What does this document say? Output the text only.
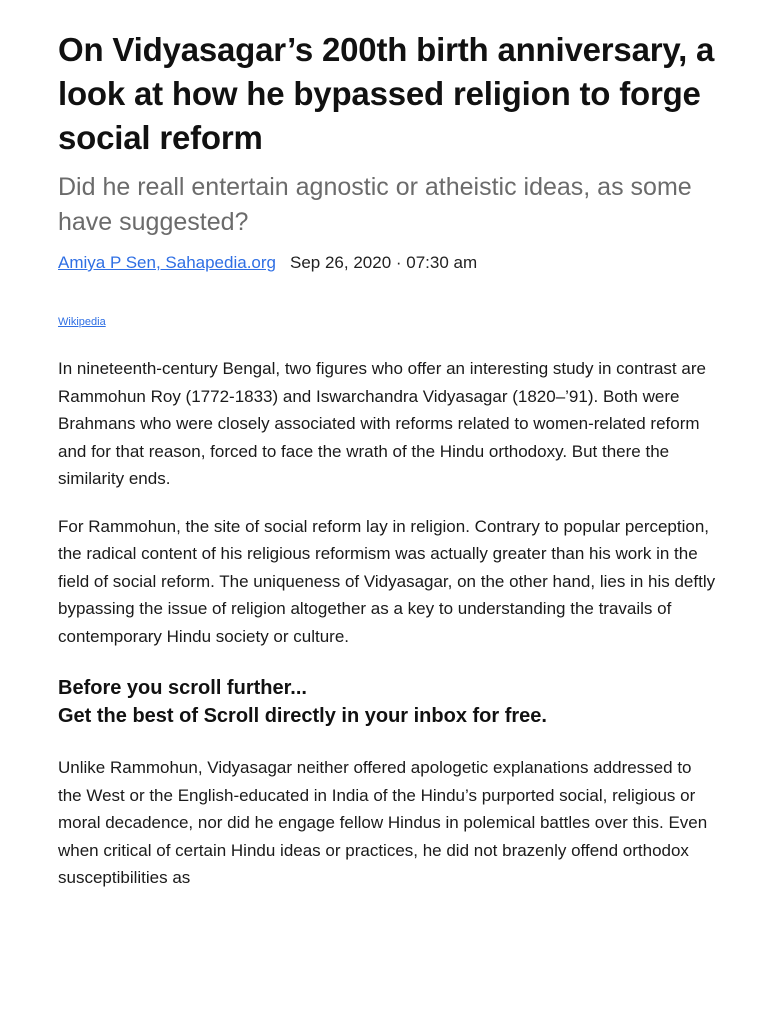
On Vidyasagar’s 200th birth anniversary, a look at how he bypassed religion to forge social reform

Did he reall entertain agnostic or atheistic ideas, as some have suggested?

Amiya P Sen, Sahapedia.org Sep 26, 2020 · 07:30 am
Wikipedia

In nineteenth-century Bengal, two figures who offer an interesting study in contrast are Rammohun Roy (1772-1833) and Iswarchandra Vidyasagar (1820–’91). Both were Brahmans who were closely associated with reforms related to women-related reform and for that reason, forced to face the wrath of the Hindu orthodoxy. But there the similarity ends.

For Rammohun, the site of social reform lay in religion. Contrary to popular perception, the radical content of his religious reformism was actually greater than his work in the field of social reform. The uniqueness of Vidyasagar, on the other hand, lies in his deftly bypassing the issue of religion altogether as a key to understanding the travails of contemporary Hindu society or culture.

Before you scroll further...
Get the best of Scroll directly in your inbox for free.

Unlike Rammohun, Vidyasagar neither offered apologetic explanations addressed to the West or the English-educated in India of the Hindu’s purported social, religious or moral decadence, nor did he engage fellow Hindus in polemical battles over this. Even when critical of certain Hindu ideas or practices, he did not brazenly offend orthodox susceptibilities as
